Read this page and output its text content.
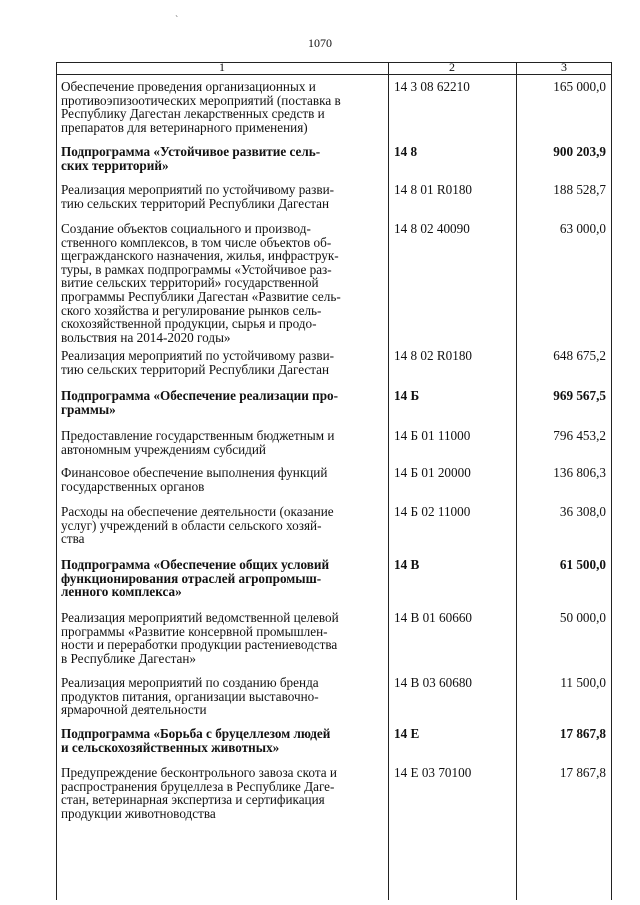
`
1070
1	2	3
Обеспечение проведения организационных и
противоэпизоотических мероприятий (поставка в
Республику Дагестан лекарственных средств и
препаратов для ветеринарного применения)
14 3 08 62210	165 000,0
Подпрограмма «Устойчивое развитие сель-
ских территорий»
14 8	900 203,9
Реализация мероприятий по устойчивому разви-
тию сельских территорий Республики Дагестан
14 8 01 R0180	188 528,7
Создание объектов социального и производ-
ственного комплексов, в том числе объектов об-
щегражданского назначения, жилья, инфраструк-
туры, в рамках подпрограммы «Устойчивое раз-
витие сельских территорий» государственной
программы Республики Дагестан «Развитие сель-
ского хозяйства и регулирование рынков сель-
скохозяйственной продукции, сырья и продо-
вольствия на 2014-2020 годы»
14 8 02 40090	63 000,0
Реализация мероприятий по устойчивому разви-
тию сельских территорий Республики Дагестан
14 8 02 R0180	648 675,2
Подпрограмма «Обеспечение реализации про-
граммы»
14 Б	969 567,5
Предоставление государственным бюджетным и
автономным учреждениям субсидий
14 Б 01 11000	796 453,2
Финансовое обеспечение выполнения функций
государственных органов
14 Б 01 20000	136 806,3
Расходы на обеспечение деятельности (оказание
услуг) учреждений в области сельского хозяй-
ства
14 Б 02 11000	36 308,0
Подпрограмма «Обеспечение общих условий
функционирования отраслей агропромыш-
ленного комплекса»
14 В	61 500,0
Реализация мероприятий ведомственной целевой
программы «Развитие консервной промышлен-
ности и переработки продукции растениеводства
в Республике Дагестан»
14 В 01 60660	50 000,0
Реализация мероприятий по созданию бренда
продуктов питания, организации выставочно-
ярмарочной деятельности
14 В 03 60680	11 500,0
Подпрограмма «Борьба с бруцеллезом людей
и сельскохозяйственных животных»
14 Е	17 867,8
Предупреждение бесконтрольного завоза скота и
распространения бруцеллеза в Республике Даге-
стан, ветеринарная экспертиза и сертификация
продукции животноводства
14 Е 03 70100	17 867,8
